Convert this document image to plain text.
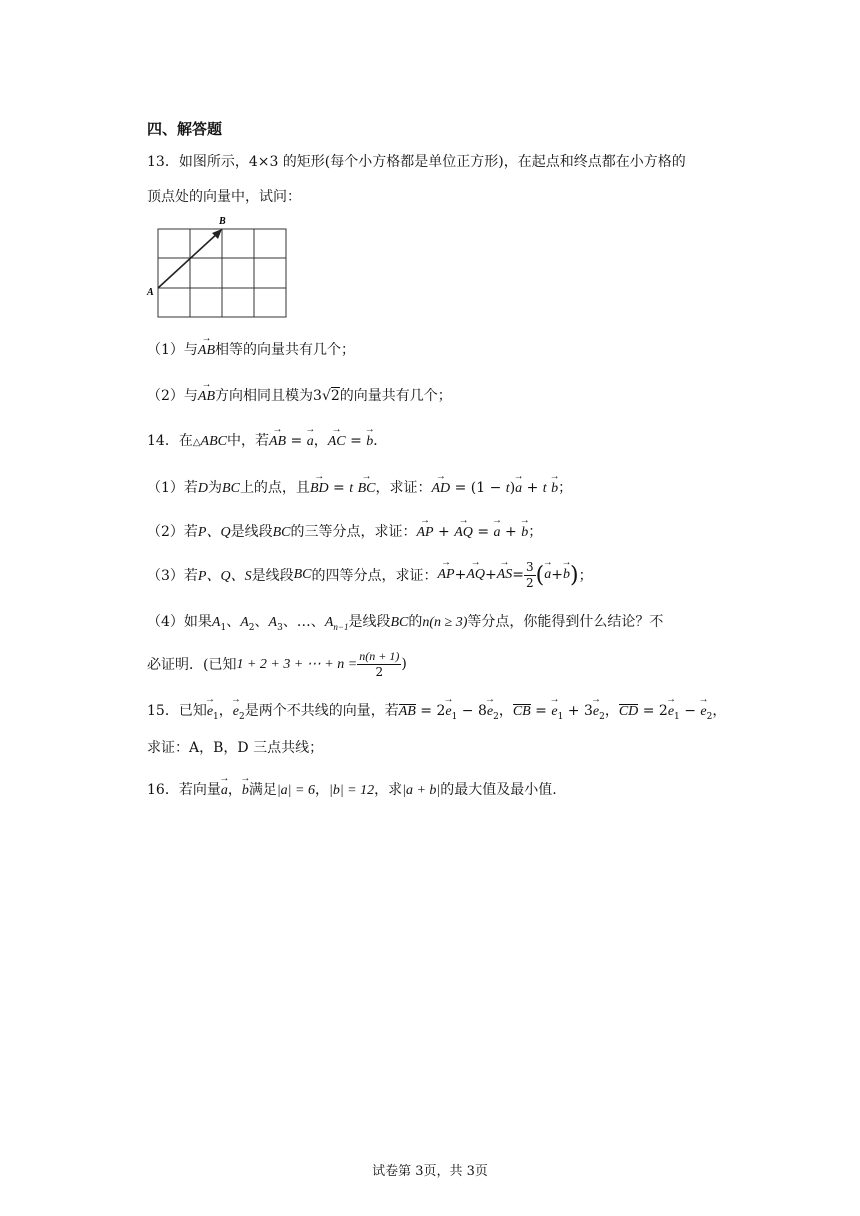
四、解答题
13．如图所示，4×3 的矩形(每个小方格都是单位正方形)，在起点和终点都在小方格的
顶点处的向量中，试问：
A
B
（1）与→ AB相等的向量共有几个；
（2）与→ AB方向相同且模为3√2的向量共有几个；
14．在△ABC中，若→ AB = → a，→ AC = → b．
（1）若D为BC上的点，且→ BD = t → BC，求证：→ AD = (1 − t)→ a + t → b；
（2）若P、Q是线段BC的三等分点，求证：→ AP + → AQ = → a + → b；
（3）若 P、Q、S 是线段 BC 的四等分点，求证： → AP + → AQ + → AS = $\frac{3}{2}$ ( → a + → b ) ；
（4）如果$A_1$、$A_2$、$A_3$、…、$A_{n-1}$是线段BC的n(n ≥ 3)等分点，你能得到什么结论？不
必证明．(已知 1 + 2 + 3 + ⋯ + $n = \frac{n(n + 1)}{2}$ )
15．已知→ $e_1$，→ $e_2$是两个不共线的向量，若AB = $2\to e_1 - 8\to e_2$，CB = → $e_1 + 3\to e_2$，CD = $2\to e_1$ − → $e_2$，
求证：A，B，D 三点共线；
16．若向量→ a，→ b满足|a| = 6，|b| = 12，求|a + b|的最大值及最小值.
试卷第 3页，共 3页
